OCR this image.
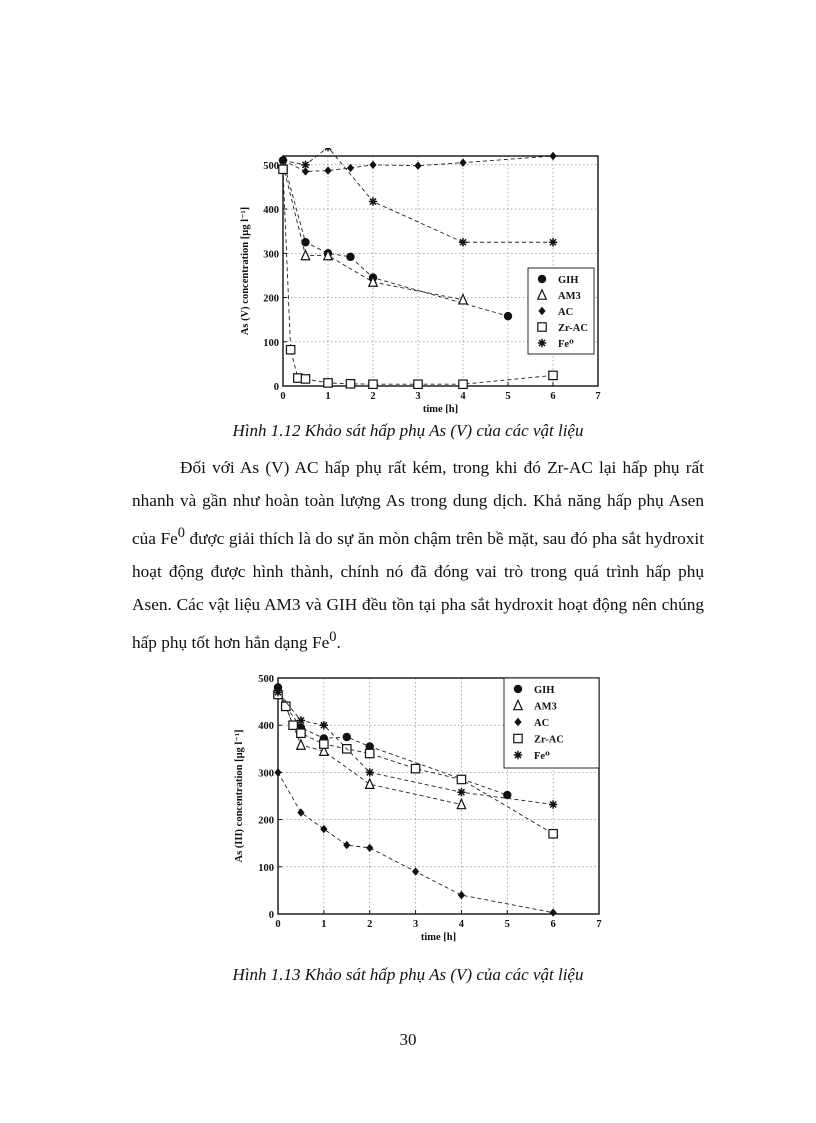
0	1	2	3	4	5	6	7
0
100
200
300
400
500
time [h]
As (V) concentration [μg l⁻¹]	GIH
AM3
AC
Zr-AC
Fe⁰
Hình 1.12 Khảo sát hấp phụ As (V) của các vật liệu
Đối với As (V) AC hấp phụ rất kém, trong khi đó Zr-AC lại hấp phụ rất nhanh và gần như hoàn toàn lượng As trong dung dịch. Khả năng hấp phụ Asen của Fe$^0$ được giải thích là do sự ăn mòn chậm trên bề mặt, sau đó pha sắt hydroxit hoạt động được hình thành, chính nó đã đóng vai trò trong quá trình hấp phụ Asen. Các vật liệu AM3 và GIH đều tồn tại pha sắt hydroxit hoạt động nên chúng hấp phụ tốt hơn hẳn dạng Fe$^0$.
0	1	2	3	4	5	6	7
0
100
200
300
400
500
time [h]
As (III) concentration [μg l⁻¹]
GIH
AM3
AC
Zr-AC
Fe⁰
Hình 1.13 Khảo sát hấp phụ As (V) của các vật liệu
30
